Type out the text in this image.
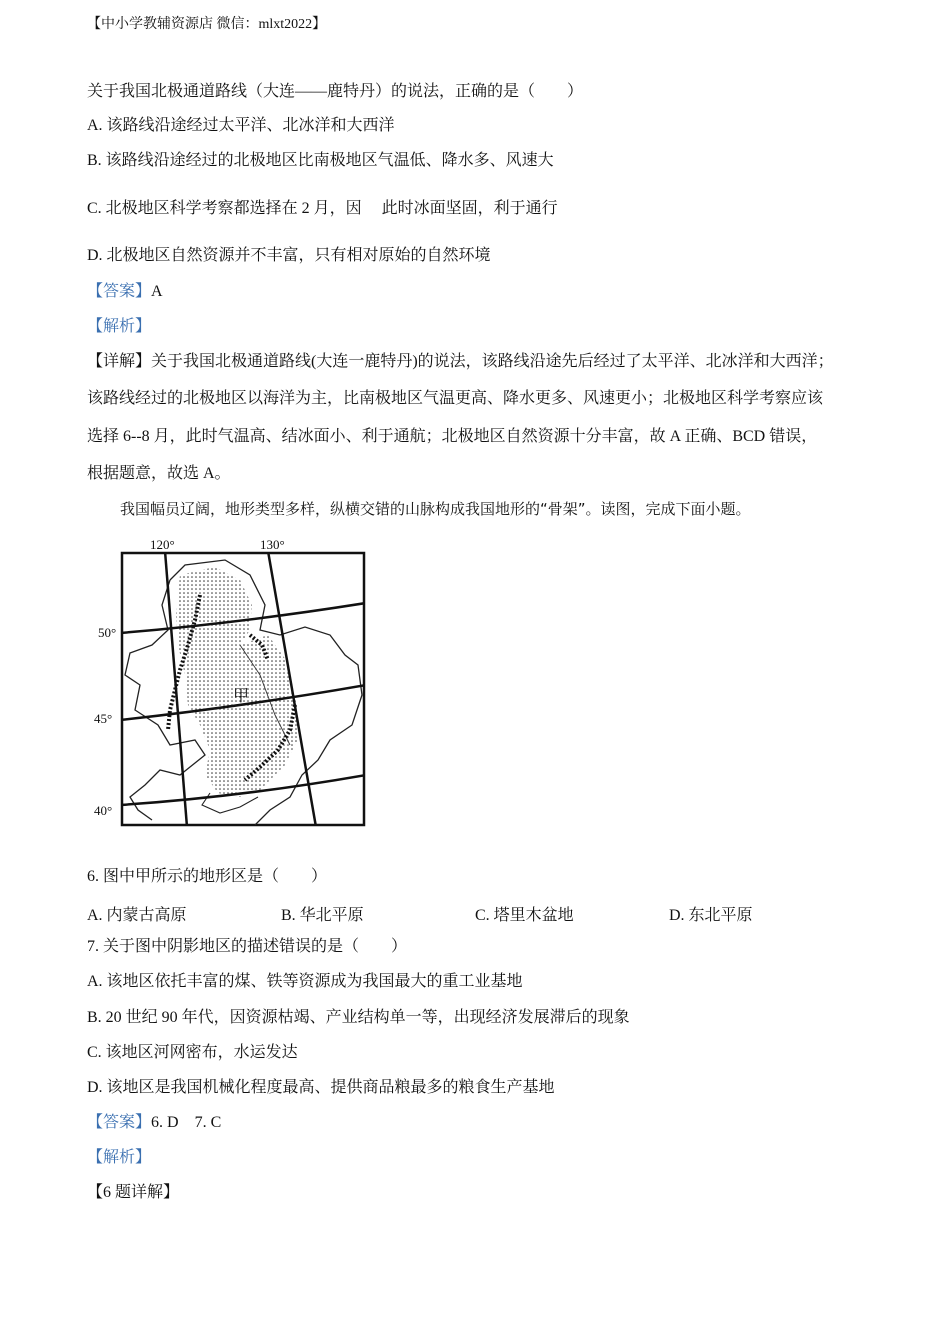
【中小学教辅资源店 微信：mlxt2022】
关于我国北极通道路线（大连——鹿特丹）的说法，正确的是（　　）
A. 该路线沿途经过太平洋、北冰洋和大西洋
B. 该路线沿途经过的北极地区比南极地区气温低、降水多、风速大
C. 北极地区科学考察都选择在 2 月，因　 此时冰面坚固，利于通行
D. 北极地区自然资源并不丰富，只有相对原始的自然环境
【答案】A
【解析】
【详解】关于我国北极通道路线(大连一鹿特丹)的说法，该路线沿途先后经过了太平洋、北冰洋和大西洋；
该路线经过的北极地区以海洋为主，比南极地区气温更高、降水更多、风速更小；北极地区科学考察应该
选择 6--8 月，此时气温高、结冰面小、利于通航；北极地区自然资源十分丰富，故 A 正确、BCD 错误，
根据题意，故选 A。
我国幅员辽阔，地形类型多样，纵横交错的山脉构成我国地形的“骨架”。读图，完成下面小题。
120°	130°
50°
45°
40°
甲
6. 图中甲所示的地形区是（　　）
A. 内蒙古高原	B. 华北平原	C. 塔里木盆地	D. 东北平原
7. 关于图中阴影地区的描述错误的是（　　）
A. 该地区依托丰富的煤、铁等资源成为我国最大的重工业基地
B. 20 世纪 90 年代，因资源枯竭、产业结构单一等，出现经济发展滞后的现象
C. 该地区河网密布，水运发达
D. 该地区是我国机械化程度最高、提供商品粮最多的粮食生产基地
【答案】6. D　7. C
【解析】
【6 题详解】
